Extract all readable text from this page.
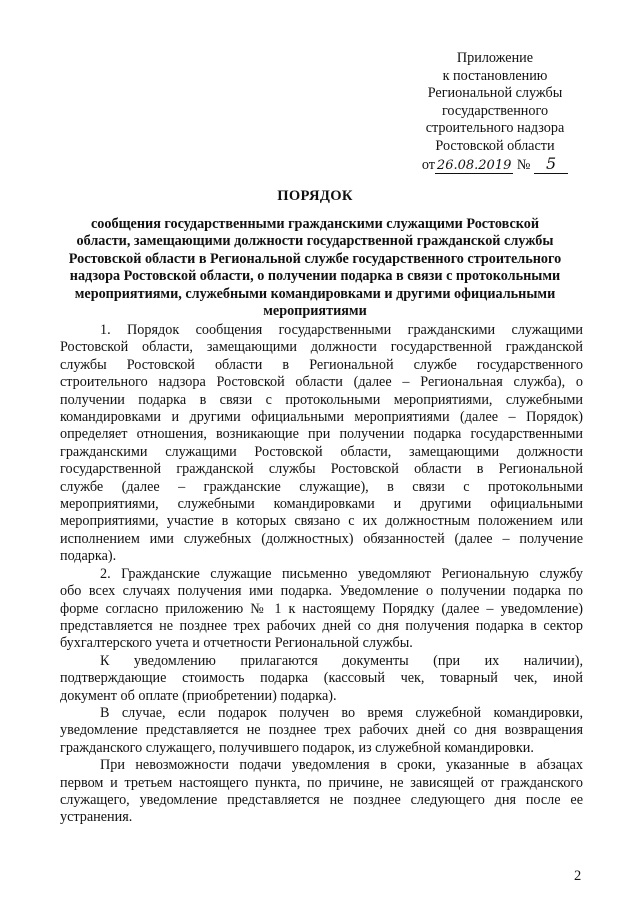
Приложение
к постановлению
Региональной службы
государственного
строительного надзора
Ростовской области
от 26.08.2019 № 5
ПОРЯДОК
сообщения государственными гражданскими служащими Ростовской
области, замещающими должности государственной гражданской службы
Ростовской области в Региональной службе государственного строительного
надзора Ростовской области, о получении подарка в связи с протокольными
мероприятиями, служебными командировками и другими официальными
мероприятиями

1. Порядок сообщения государственными гражданскими служащими
Ростовской области, замещающими должности государственной гражданской
службы Ростовской области в Региональной службе государственного
строительного надзора Ростовской области (далее – Региональная служба), о
получении подарка в связи с протокольными мероприятиями, служебными
командировками и другими официальными мероприятиями (далее – Порядок)
определяет отношения, возникающие при получении подарка государственными
гражданскими служащими Ростовской области, замещающими должности
государственной гражданской службы Ростовской области в Региональной
службе (далее – гражданские служащие), в связи с протокольными
мероприятиями, служебными командировками и другими официальными
мероприятиями, участие в которых связано с их должностным положением или
исполнением ими служебных (должностных) обязанностей (далее – получение
подарка).

2. Гражданские служащие письменно уведомляют Региональную службу
обо всех случаях получения ими подарка. Уведомление о получении подарка по
форме согласно приложению № 1 к настоящему Порядку (далее – уведомление)
представляется не позднее трех рабочих дней со дня получения подарка в сектор
бухгалтерского учета и отчетности Региональной службы.

К уведомлению прилагаются документы (при их наличии),
подтверждающие стоимость подарка (кассовый чек, товарный чек, иной
документ об оплате (приобретении) подарка).

В случае, если подарок получен во время служебной командировки,
уведомление представляется не позднее трех рабочих дней со дня возвращения
гражданского служащего, получившего подарок, из служебной командировки.

При невозможности подачи уведомления в сроки, указанные в абзацах
первом и третьем настоящего пункта, по причине, не зависящей от гражданского
служащего, уведомление представляется не позднее следующего дня после ее
устранения.

2
